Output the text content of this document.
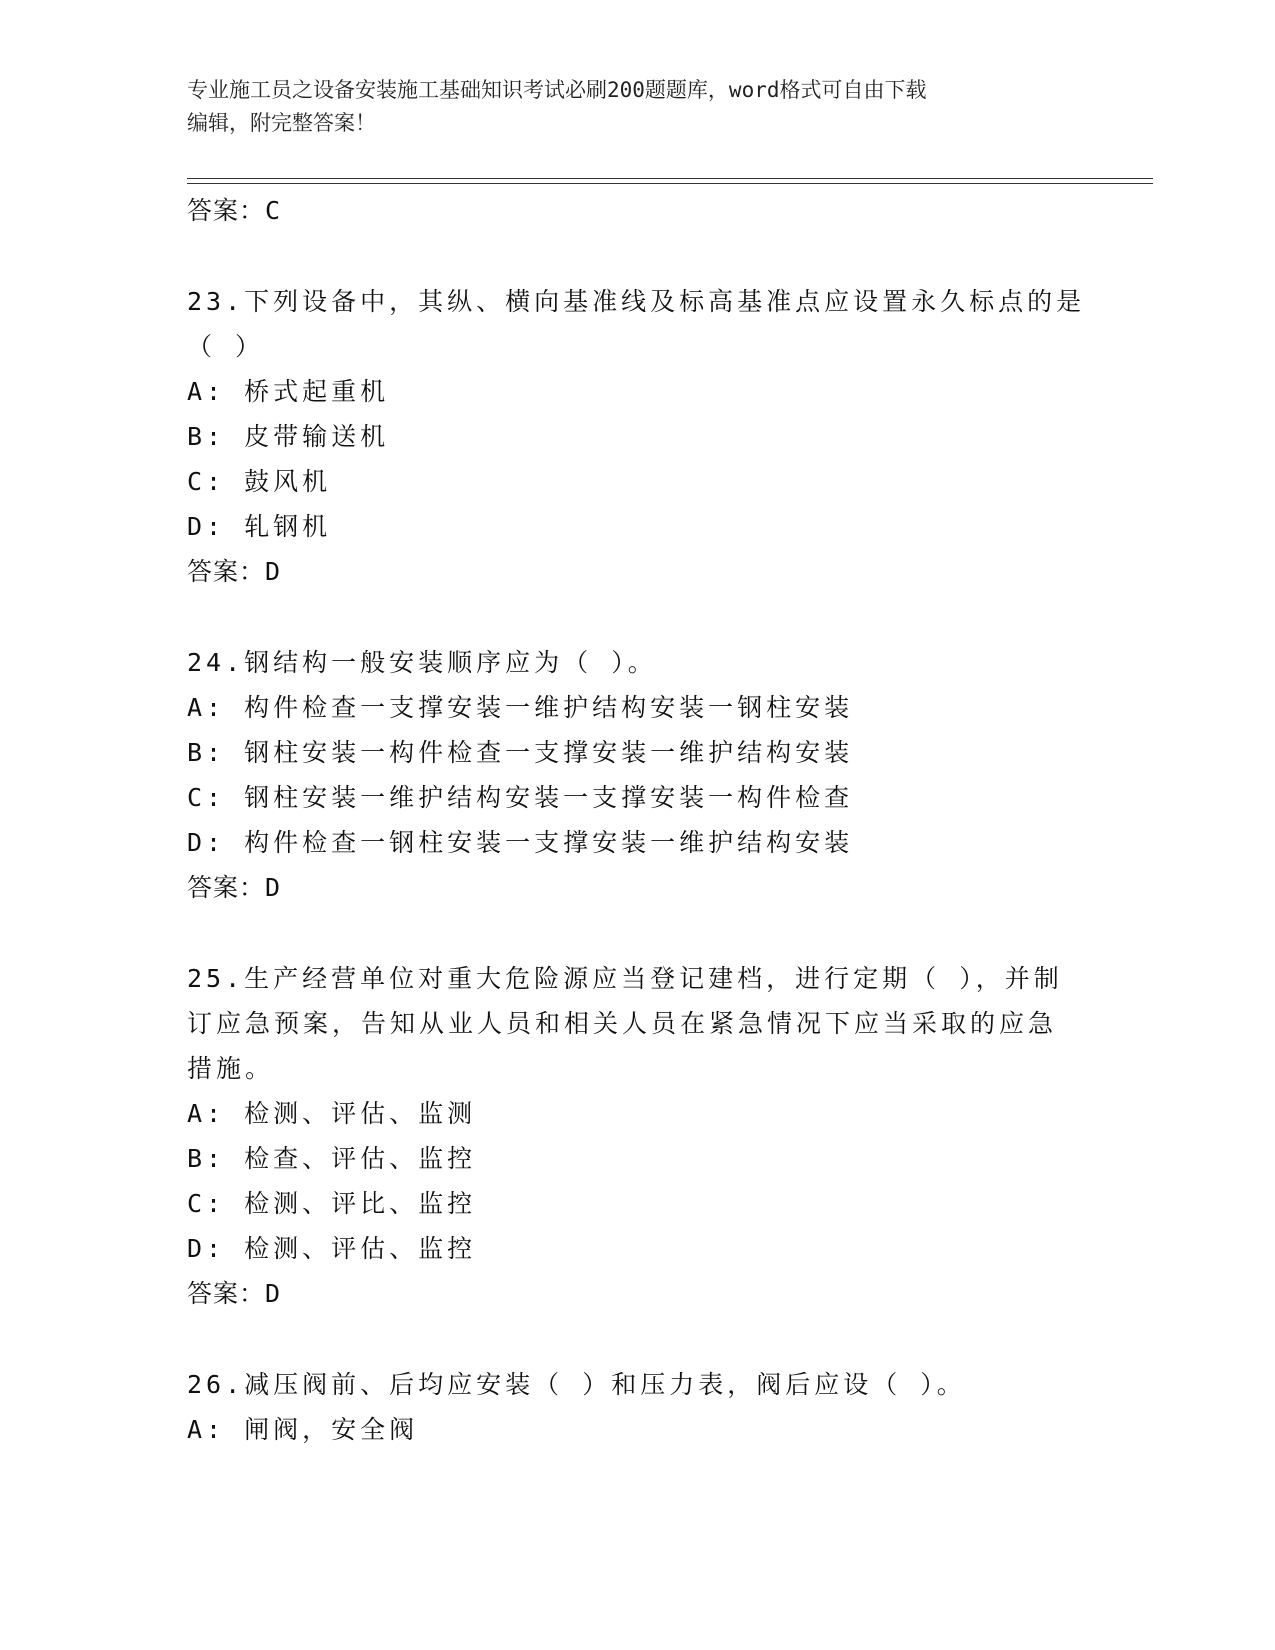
专业施工员之设备安装施工基础知识考试必刷200题题库，word格式可自由下载
编辑，附完整答案！
答案：C
23.下列设备中，其纵、横向基准线及标高基准点应设置永久标点的是
（ ）
A: 桥式起重机
B: 皮带输送机
C: 鼓风机
D: 轧钢机
答案：D
24.钢结构一般安装顺序应为（ ）。
A: 构件检查一支撑安装一维护结构安装一钢柱安装
B: 钢柱安装一构件检查一支撑安装一维护结构安装
C: 钢柱安装一维护结构安装一支撑安装一构件检查
D: 构件检查一钢柱安装一支撑安装一维护结构安装
答案：D
25.生产经营单位对重大危险源应当登记建档，进行定期（ ），并制
订应急预案，告知从业人员和相关人员在紧急情况下应当采取的应急
措施。
A: 检测、评估、监测
B: 检查、评估、监控
C: 检测、评比、监控
D: 检测、评估、监控
答案：D
26.减压阀前、后均应安装（ ）和压力表，阀后应设（ ）。
A: 闸阀，安全阀
